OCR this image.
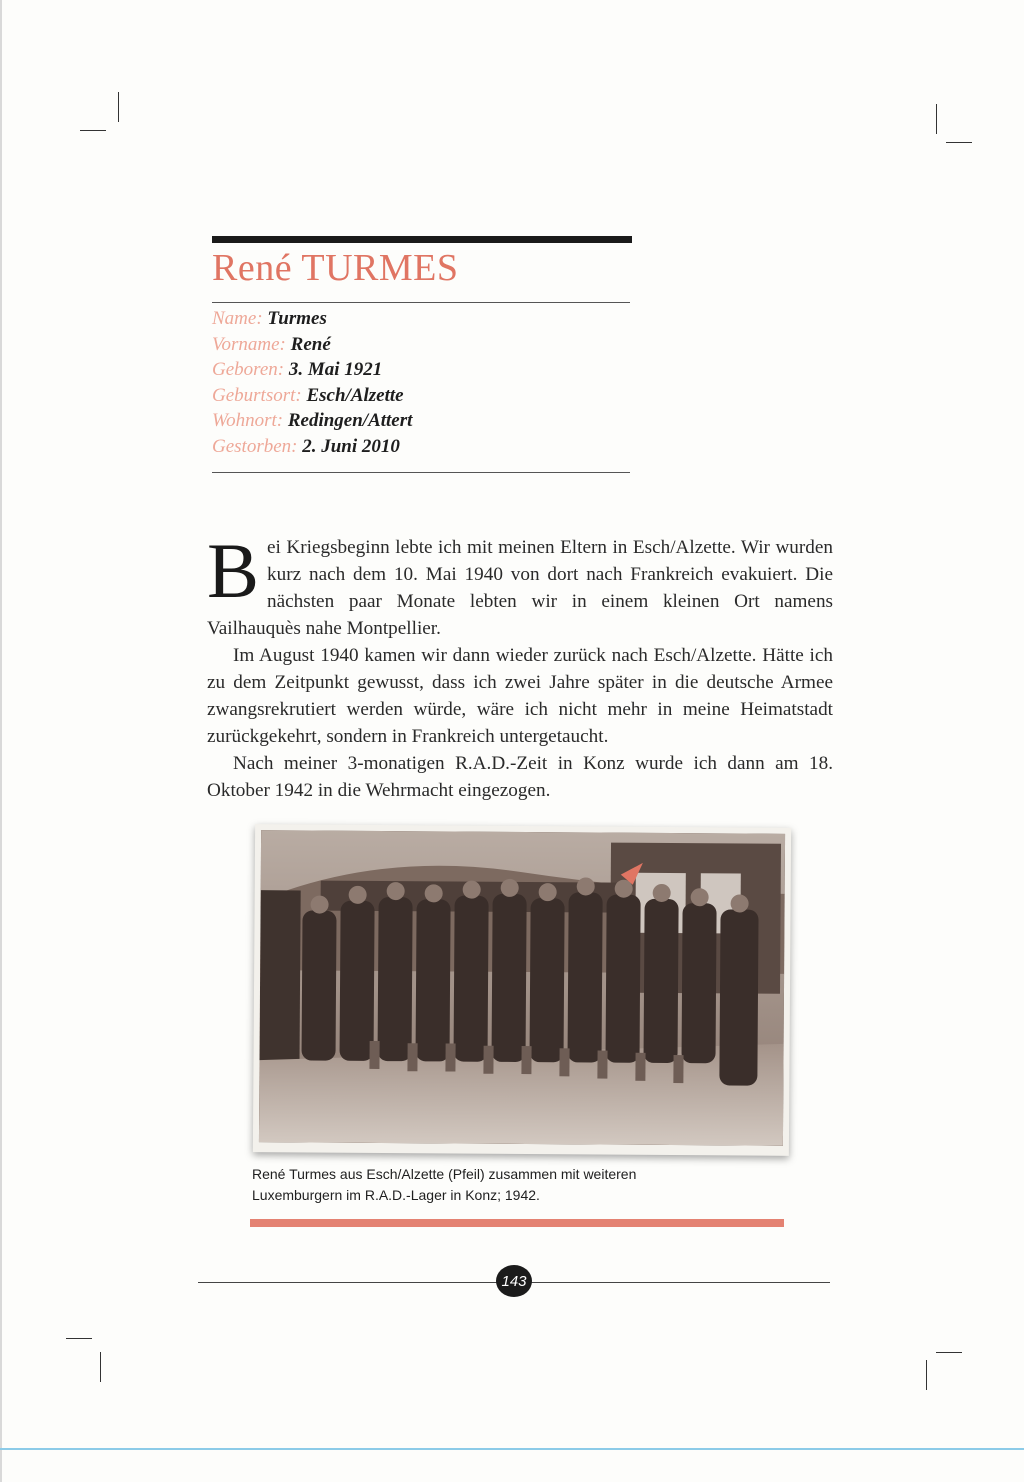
René TURMES
Name: Turmes
Vorname: René
Geboren: 3. Mai 1921
Geburtsort: Esch/Alzette
Wohnort: Redingen/Attert
Gestorben: 2. Juni 2010

Bei Kriegsbeginn lebte ich mit meinen Eltern in Esch/Alzette. Wir wurden kurz nach dem 10. Mai 1940 von dort nach Frankreich evakuiert. Die nächsten paar Monate lebten wir in einem kleinen Ort namens Vailhauquès nahe Montpellier.

Im August 1940 kamen wir dann wieder zurück nach Esch/Alzette. Hätte ich zu dem Zeitpunkt gewusst, dass ich zwei Jahre später in die deutsche Armee zwangsrekrutiert werden würde, wäre ich nicht mehr in meine Heimatstadt zurückgekehrt, sondern in Frankreich untergetaucht.

Nach meiner 3-monatigen R.A.D.-Zeit in Konz wurde ich dann am 18. Oktober 1942 in die Wehrmacht eingezogen.

René Turmes aus Esch/Alzette (Pfeil) zusammen mit weiteren
Luxemburgern im R.A.D.-Lager in Konz; 1942.
143
